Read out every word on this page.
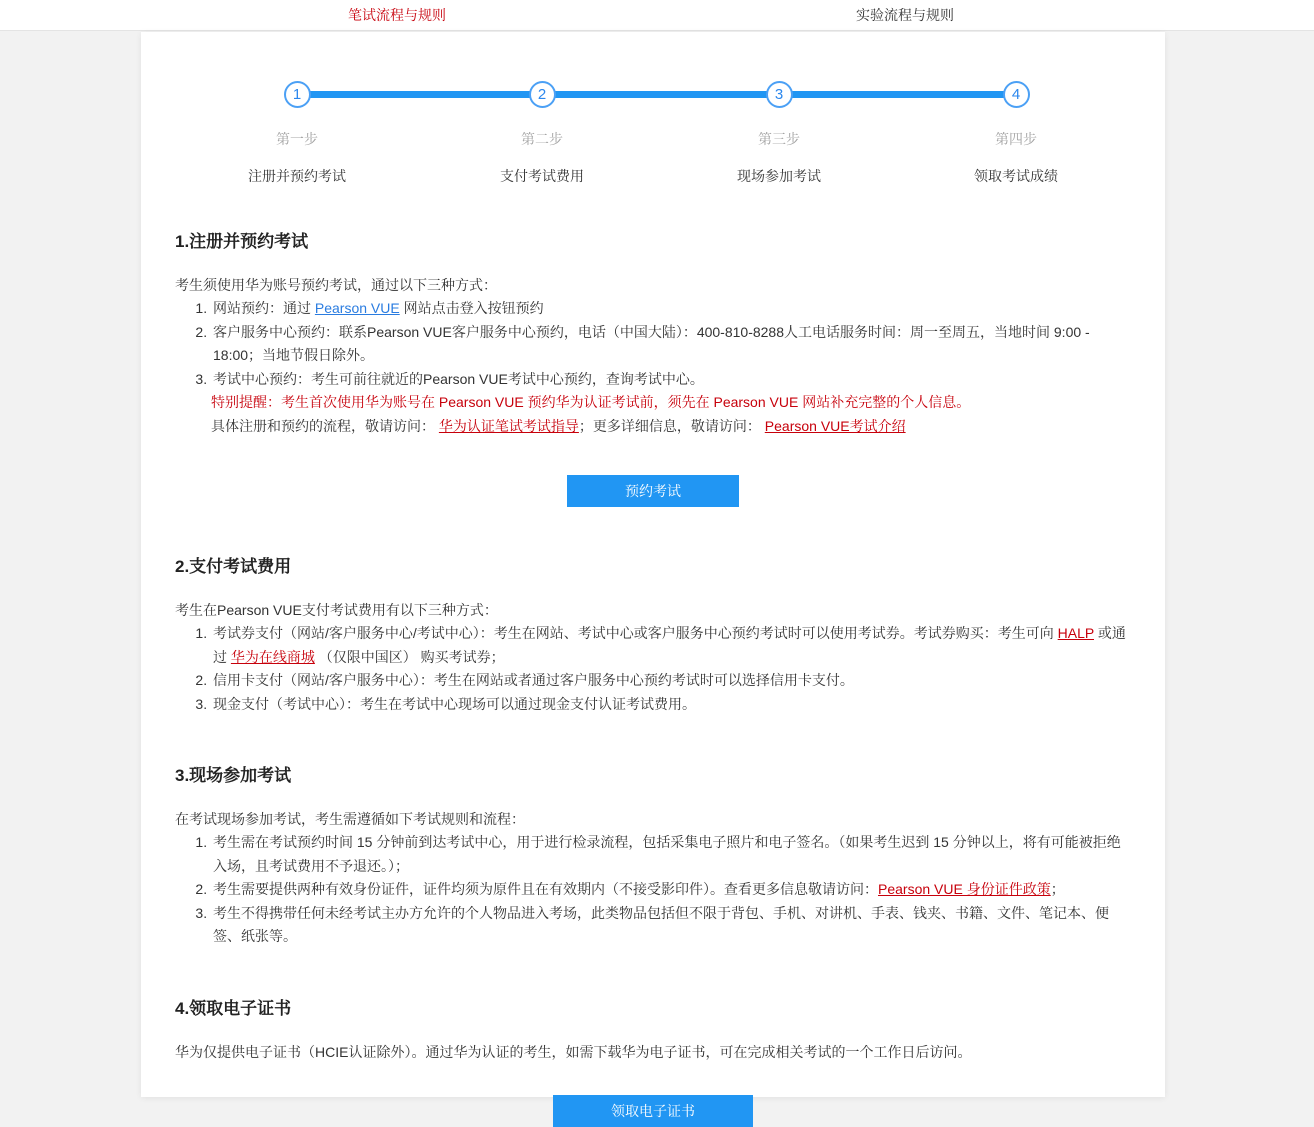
笔试流程与规则	实验流程与规则
1
第一步
注册并预约考试
2
第二步
支付考试费用
3
第三步
现场参加考试
4
第四步
领取考试成绩
1.注册并预约考试

考生须使用华为账号预约考试，通过以下三种方式：

1. 网站预约：通过 Pearson VUE 网站点击登入按钮预约
2. 客户服务中心预约：联系Pearson VUE客户服务中心预约，电话（中国大陆）：400-810-8288人工电话服务时间：周一至周五，当地时间 9:00 - 18:00；当地节假日除外。
3. 考试中心预约：考生可前往就近的Pearson VUE考试中心预约，查询考试中心。
特别提醒：考生首次使用华为账号在 Pearson VUE 预约华为认证考试前，须先在 Pearson VUE 网站补充完整的个人信息。
具体注册和预约的流程，敬请访问： 华为认证笔试考试指导；更多详细信息，敬请访问： Pearson VUE考试介绍
预约考试
2.支付考试费用

考生在Pearson VUE支付考试费用有以下三种方式：

1. 考试券支付（网站/客户服务中心/考试中心）：考生在网站、考试中心或客户服务中心预约考试时可以使用考试券。考试券购买：考生可向 HALP 或通过 华为在线商城 （仅限中国区） 购买考试券；
2. 信用卡支付（网站/客户服务中心）：考生在网站或者通过客户服务中心预约考试时可以选择信用卡支付。
3. 现金支付（考试中心）：考生在考试中心现场可以通过现金支付认证考试费用。
3.现场参加考试

在考试现场参加考试，考生需遵循如下考试规则和流程：

1. 考生需在考试预约时间 15 分钟前到达考试中心，用于进行检录流程，包括采集电子照片和电子签名。（如果考生迟到 15 分钟以上，将有可能被拒绝入场，且考试费用不予退还。）；
2. 考生需要提供两种有效身份证件，证件均须为原件且在有效期内（不接受影印件）。查看更多信息敬请访问：Pearson VUE 身份证件政策；
3. 考生不得携带任何未经考试主办方允许的个人物品进入考场，此类物品包括但不限于背包、手机、对讲机、手表、钱夹、书籍、文件、笔记本、便签、纸张等。
4.领取电子证书

华为仅提供电子证书（HCIE认证除外）。通过华为认证的考生，如需下载华为电子证书，可在完成相关考试的一个工作日后访问。

领取电子证书
